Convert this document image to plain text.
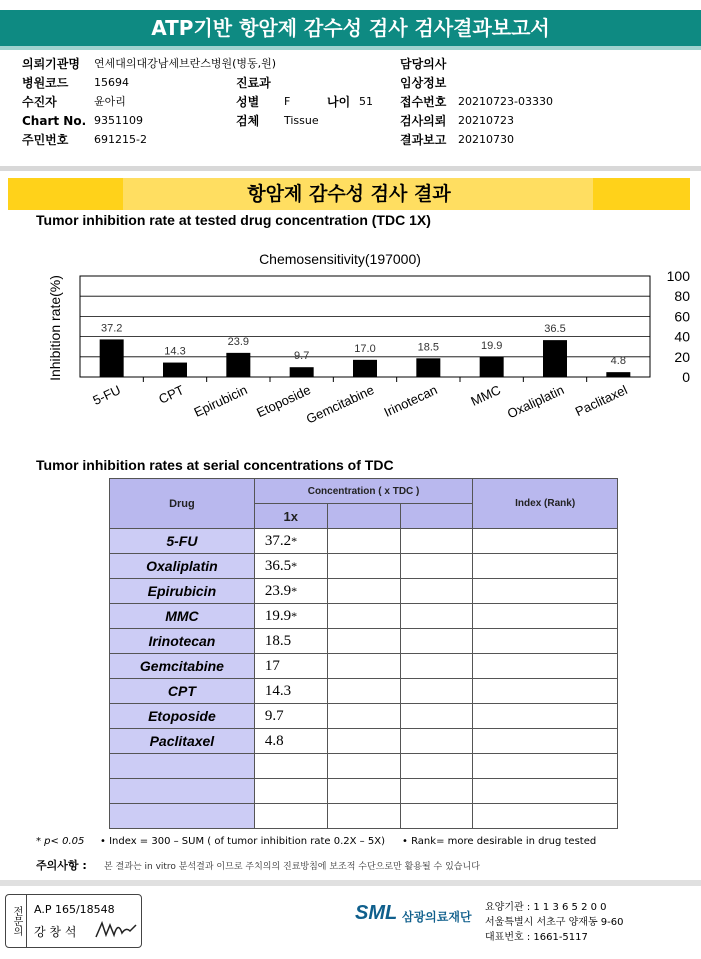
ATP기반 항암제 감수성 검사 검사결과보고서
의뢰기관명 연세대의대강남세브란스병원(병동,원)
병원코드 15694
수진자	윤아리
Chart No. 9351109
주민번호 691215-2
진료과
성별 F	나이 51
검체 Tissue
담당의사
임상정보
접수번호 20210723-03330
검사의뢰 20210723
결과보고 20210730
항암제 감수성 검사 결과
Tumor inhibition rate at tested drug concentration (TDC 1X)
Chemosensitivity(197000)
Inhibition rate(%)	37.2
14.3
23.9
9.7
17.0	18.5	19.9
36.5
4.8
0
20
40
60
80
100
5-FU	CPT Epirubicin Etoposide
Gemcitabine Irinotecan MMC Oxaliplatin Paclitaxel
Tumor inhibition rates at serial concentrations of TDC
Drug	Concentration ( x TDC )			Index (Rank)
	1x			
5-FU	37.2*			
Oxaliplatin	36.5*			
Epirubicin	23.9*			
MMC	19.9*			
Irinotecan	18.5			
Gemcitabine	17			
CPT	14.3			
Etoposide	9.7			
Paclitaxel	4.8			

* p< 0.05 • Index = 300 – SUM ( of tumor inhibition rate 0.2X – 5X) • Rank= more desirable in drug tested
주의사항 : 본 결과는 in vitro 분석결과 이므로 주치의의 진료방침에 보조적 수단으로만 활용될 수 있습니다
전문의	A.P 165/18548
강 창 석
SML 삼광의료재단
요양기관 : 1 1 3 6 5 2 0 0
서울특별시 서초구 양재동 9-60
대표번호 : 1661-5117
